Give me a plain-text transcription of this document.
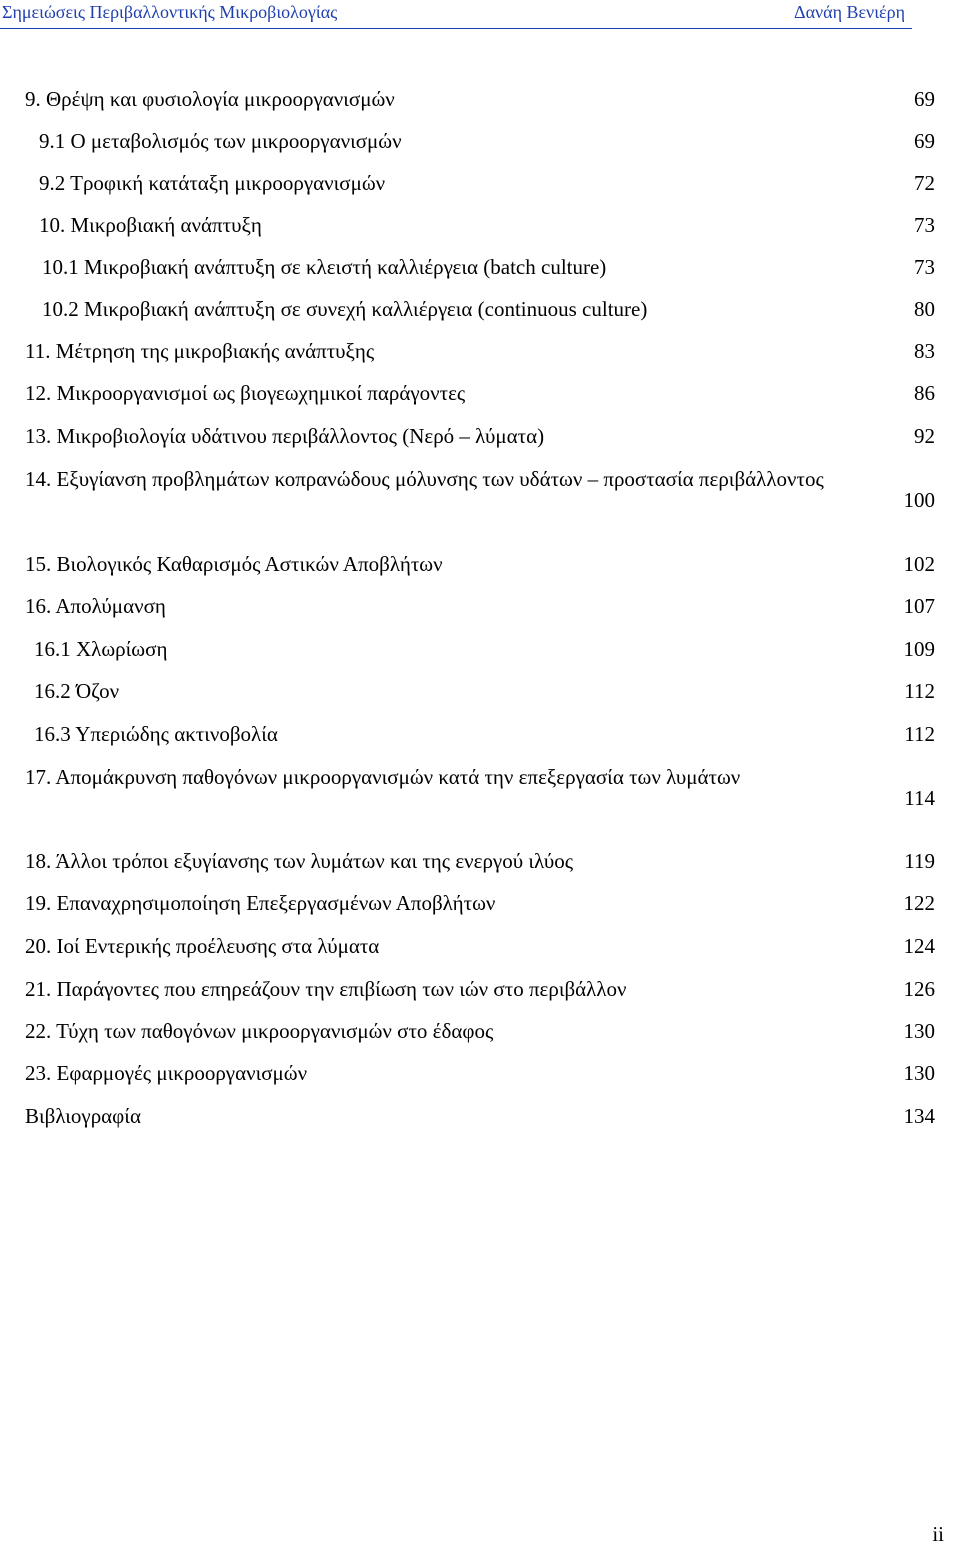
Σημειώσεις Περιβαλλοντικής Μικροβιολογίας	Δανάη Βενιέρη
9. Θρέψη και φυσιολογία μικροοργανισμών	69
9.1 Ο μεταβολισμός των μικροοργανισμών	69
9.2 Τροφική κατάταξη μικροοργανισμών	72
10. Μικροβιακή ανάπτυξη	73
10.1 Μικροβιακή ανάπτυξη σε κλειστή καλλιέργεια (batch culture)	73
10.2 Μικροβιακή ανάπτυξη σε συνεχή καλλιέργεια (continuous culture)	80
11. Μέτρηση της μικροβιακής ανάπτυξης	83
12. Μικροοργανισμοί ως βιογεωχημικοί παράγοντες	86
13. Μικροβιολογία υδάτινου περιβάλλοντος (Νερό – λύματα)	92
14. Εξυγίανση προβλημάτων κοπρανώδους μόλυνσης των υδάτων – προστασία περιβάλλοντος
100
15. Βιολογικός Καθαρισμός Αστικών Αποβλήτων	102
16. Απολύμανση	107
16.1 Χλωρίωση	109
16.2 Όζον	112
16.3 Υπεριώδης ακτινοβολία	112
17. Απομάκρυνση παθογόνων μικροοργανισμών κατά την επεξεργασία των λυμάτων
114
18. Άλλοι τρόποι εξυγίανσης των λυμάτων και της ενεργού ιλύος	119
19. Επαναχρησιμοποίηση Επεξεργασμένων Αποβλήτων	122
20. Ιοί Εντερικής προέλευσης στα λύματα	124
21. Παράγοντες που επηρεάζουν την επιβίωση των ιών στο περιβάλλον	126
22. Τύχη των παθογόνων μικροοργανισμών στο έδαφος	130
23. Εφαρμογές μικροοργανισμών	130
Βιβλιογραφία	134
ii
